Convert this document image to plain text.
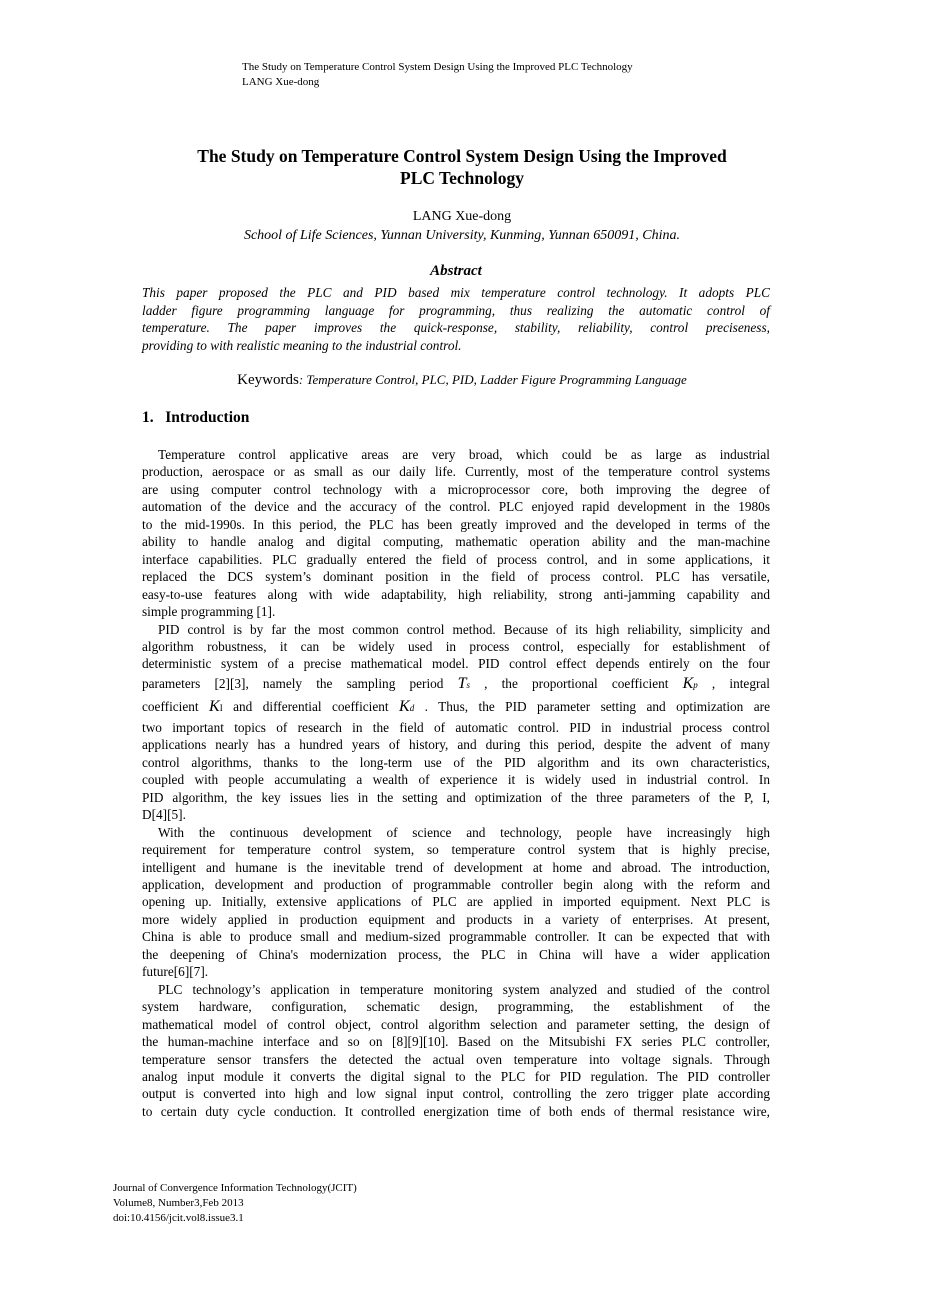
The Study on Temperature Control System Design Using the Improved PLC Technology
LANG Xue-dong
The Study on Temperature Control System Design Using the Improved
PLC Technology
LANG Xue-dong
School of Life Sciences, Yunnan University, Kunming, Yunnan 650091, China.
Abstract
This paper proposed the PLC and PID based mix temperature control technology. It adopts PLC
ladder figure programming language for programming, thus realizing the automatic control of
temperature. The paper improves the quick-response, stability, reliability, control preciseness,
providing to with realistic meaning to the industrial control.
Keywords: Temperature Control, PLC, PID, Ladder Figure Programming Language
1. Introduction
Temperature control applicative areas are very broad, which could be as large as industrial
production, aerospace or as small as our daily life. Currently, most of the temperature control systems
are using computer control technology with a microprocessor core, both improving the degree of
automation of the device and the accuracy of the control. PLC enjoyed rapid development in the 1980s
to the mid-1990s. In this period, the PLC has been greatly improved and the developed in terms of the
ability to handle analog and digital computing, mathematic operation ability and the man-machine
interface capabilities. PLC gradually entered the field of process control, and in some applications, it
replaced the DCS system’s dominant position in the field of process control. PLC has versatile,
easy-to-use features along with wide adaptability, high reliability, strong anti-jamming capability and
simple programming [1].
PID control is by far the most common control method. Because of its high reliability, simplicity and
algorithm robustness, it can be widely used in process control, especially for establishment of
deterministic system of a precise mathematical model. PID control effect depends entirely on the four
parameters [2][3], namely the sampling period Ts , the proportional coefficient Kp , integral
coefficient KI and differential coefficient Kd . Thus, the PID parameter setting and optimization are
two important topics of research in the field of automatic control. PID in industrial process control
applications nearly has a hundred years of history, and during this period, despite the advent of many
control algorithms, thanks to the long-term use of the PID algorithm and its own characteristics,
coupled with people accumulating a wealth of experience it is widely used in industrial control. In
PID algorithm, the key issues lies in the setting and optimization of the three parameters of the P, I,
D[4][5].
With the continuous development of science and technology, people have increasingly high
requirement for temperature control system, so temperature control system that is highly precise,
intelligent and humane is the inevitable trend of development at home and abroad. The introduction,
application, development and production of programmable controller begin along with the reform and
opening up. Initially, extensive applications of PLC are applied in imported equipment. Next PLC is
more widely applied in production equipment and products in a variety of enterprises. At present,
China is able to produce small and medium-sized programmable controller. It can be expected that with
the deepening of China's modernization process, the PLC in China will have a wider application
future[6][7].
PLC technology’s application in temperature monitoring system analyzed and studied of the control
system hardware, configuration, schematic design, programming, the establishment of the
mathematical model of control object, control algorithm selection and parameter setting, the design of
the human-machine interface and so on [8][9][10]. Based on the Mitsubishi FX series PLC controller,
temperature sensor transfers the detected the actual oven temperature into voltage signals. Through
analog input module it converts the digital signal to the PLC for PID regulation. The PID controller
output is converted into high and low signal input control, controlling the zero trigger plate according
to certain duty cycle conduction. It controlled energization time of both ends of thermal resistance wire,
Journal of Convergence Information Technology(JCIT)
Volume8, Number3,Feb 2013
doi:10.4156/jcit.vol8.issue3.1
